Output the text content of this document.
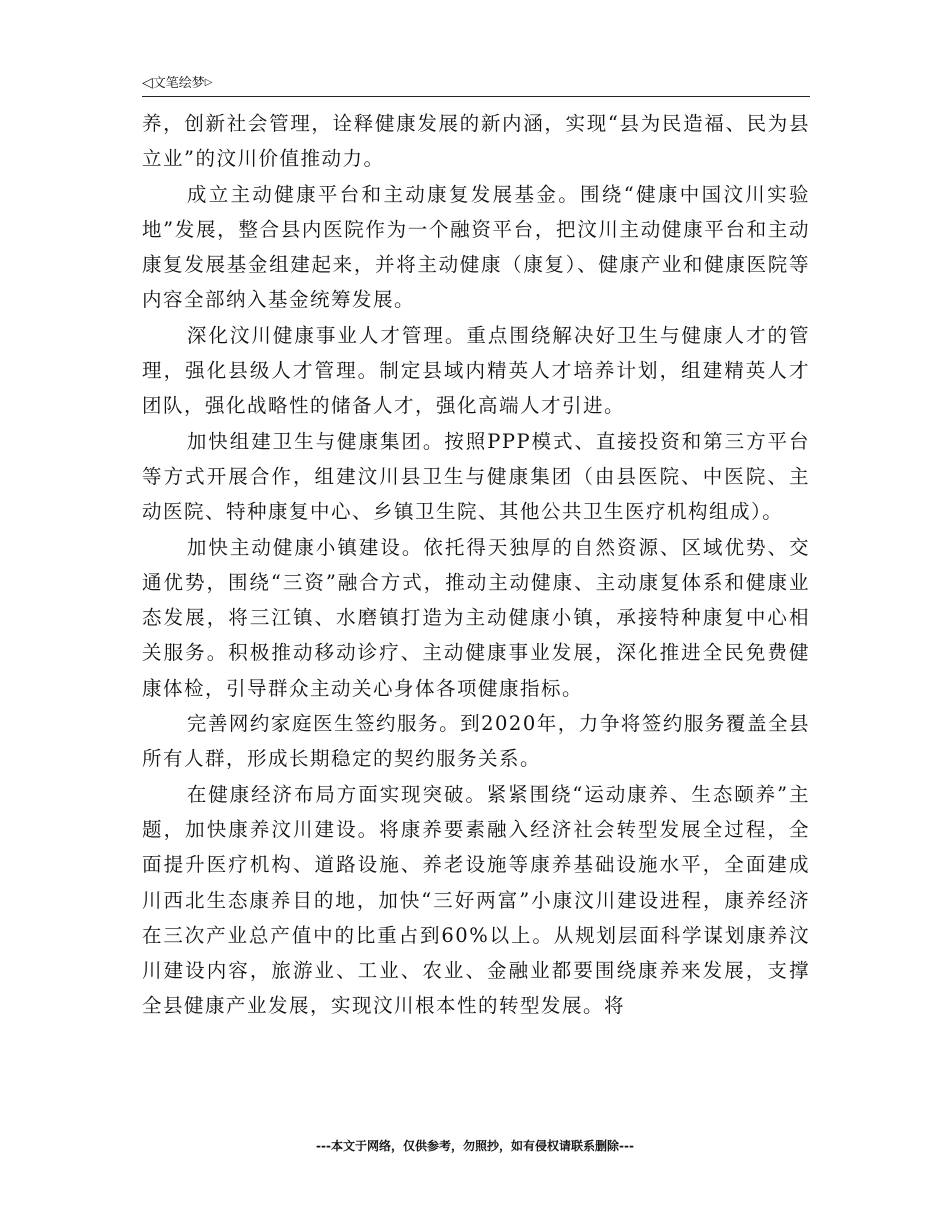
◁文笔绘梦▷

养，创新社会管理，诠释健康发展的新内涵，实现“县为民造福、民为县立业”的汶川价值推动力。

成立主动健康平台和主动康复发展基金。围绕“健康中国汶川实验地”发展，整合县内医院作为一个融资平台，把汶川主动健康平台和主动康复发展基金组建起来，并将主动健康（康复）、健康产业和健康医院等内容全部纳入基金统筹发展。

深化汶川健康事业人才管理。重点围绕解决好卫生与健康人才的管理，强化县级人才管理。制定县域内精英人才培养计划，组建精英人才团队，强化战略性的储备人才，强化高端人才引进。

加快组建卫生与健康集团。按照PPP模式、直接投资和第三方平台等方式开展合作，组建汶川县卫生与健康集团（由县医院、中医院、主动医院、特种康复中心、乡镇卫生院、其他公共卫生医疗机构组成）。

加快主动健康小镇建设。依托得天独厚的自然资源、区域优势、交通优势，围绕“三资”融合方式，推动主动健康、主动康复体系和健康业态发展，将三江镇、水磨镇打造为主动健康小镇，承接特种康复中心相关服务。积极推动移动诊疗、主动健康事业发展，深化推进全民免费健康体检，引导群众主动关心身体各项健康指标。

完善网约家庭医生签约服务。到2020年，力争将签约服务覆盖全县所有人群，形成长期稳定的契约服务关系。

在健康经济布局方面实现突破。紧紧围绕“运动康养、生态颐养”主题，加快康养汶川建设。将康养要素融入经济社会转型发展全过程，全面提升医疗机构、道路设施、养老设施等康养基础设施水平，全面建成川西北生态康养目的地，加快“三好两富”小康汶川建设进程，康养经济在三次产业总产值中的比重占到60%以上。从规划层面科学谋划康养汶川建设内容，旅游业、工业、农业、金融业都要围绕康养来发展，支撑全县健康产业发展，实现汶川根本性的转型发展。将

---本文于网络，仅供参考，勿照抄，如有侵权请联系删除---
